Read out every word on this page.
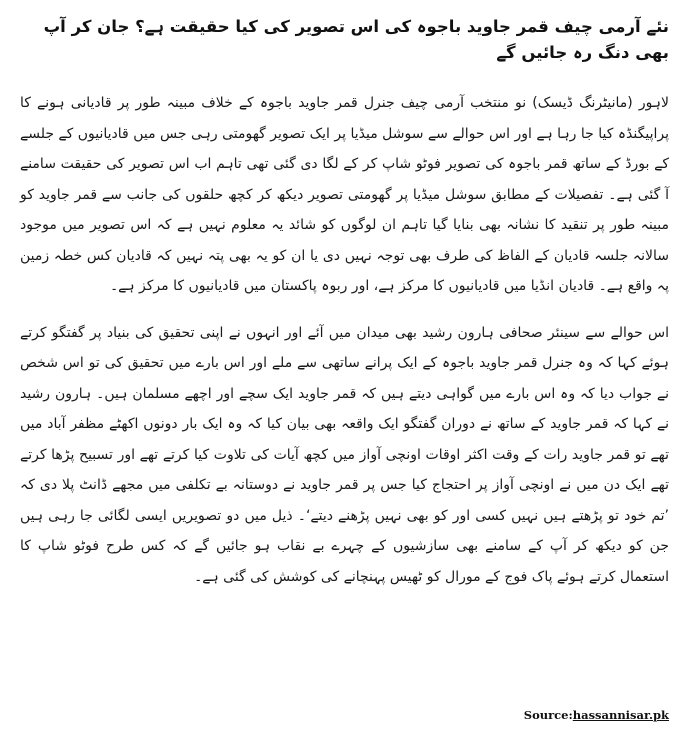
نئے آرمی چیف قمر جاوید باجوہ کی اس تصویر کی کیا حقیقت ہے؟ جان کر آپ بھی دنگ رہ جائیں گے

لاہور (مانیٹرنگ ڈیسک) نو منتخب آرمی چیف جنرل قمر جاوید باجوہ کے خلاف مبینہ طور پر قادیانی ہونے کا پراپیگنڈہ کیا جا رہا ہے اور اس حوالے سے سوشل میڈیا پر ایک تصویر گھومتی رہی جس میں قادیانیوں کے جلسے کے بورڈ کے ساتھ قمر باجوہ کی تصویر فوٹو شاپ کر کے لگا دی گئی تھی تاہم اب اس تصویر کی حقیقت سامنے آ گئی ہے۔ تفصیلات کے مطابق سوشل میڈیا پر گھومتی تصویر دیکھ کر کچھ حلقوں کی جانب سے قمر جاوید کو مبینہ طور پر تنقید کا نشانہ بھی بنایا گیا تاہم ان لوگوں کو شائد یہ معلوم نہیں ہے کہ اس تصویر میں موجود سالانہ جلسہ قادیان کے الفاظ کی طرف بھی توجہ نہیں دی یا ان کو یہ بھی پتہ نہیں کہ قادیان کس خطہ زمین پہ واقع ہے۔ قادیان انڈیا میں قادیانیوں کا مرکز ہے، اور ربوہ پاکستان میں قادیانیوں کا مرکز ہے۔

اس حوالے سے سینئر صحافی ہارون رشید بھی میدان میں آئے اور انہوں نے اپنی تحقیق کی بنیاد پر گفتگو کرتے ہوئے کہا کہ وہ جنرل قمر جاوید باجوہ کے ایک پرانے ساتھی سے ملے اور اس بارے میں تحقیق کی تو اس شخص نے جواب دیا کہ وہ اس بارے میں گواہی دیتے ہیں کہ قمر جاوید ایک سچے اور اچھے مسلمان ہیں۔ ہارون رشید نے کہا کہ قمر جاوید کے ساتھ نے دوران گفتگو ایک واقعہ بھی بیان کیا کہ وہ ایک بار دونوں اکھٹے مظفر آباد میں تھے تو قمر جاوید رات کے وقت اکثر اوقات اونچی آواز میں کچھ آیات کی تلاوت کیا کرتے تھے اور تسبیح پڑھا کرتے تھے ایک دن میں نے اونچی آواز پر احتجاج کیا جس پر قمر جاوید نے دوستانہ بے تکلفی میں مجھے ڈانٹ پلا دی کہ ’تم خود تو پڑھتے ہیں نہیں کسی اور کو بھی نہیں پڑھنے دیتے‘۔ ذیل میں دو تصویریں ایسی لگائی جا رہی ہیں جن کو دیکھ کر آپ کے سامنے بھی سازشیوں کے چہرے بے نقاب ہو جائیں گے کہ کس طرح فوٹو شاپ کا استعمال کرتے ہوئے پاک فوج کے مورال کو ٹھیس پہنچانے کی کوشش کی گئی ہے۔

Source:hassannisar.pk
